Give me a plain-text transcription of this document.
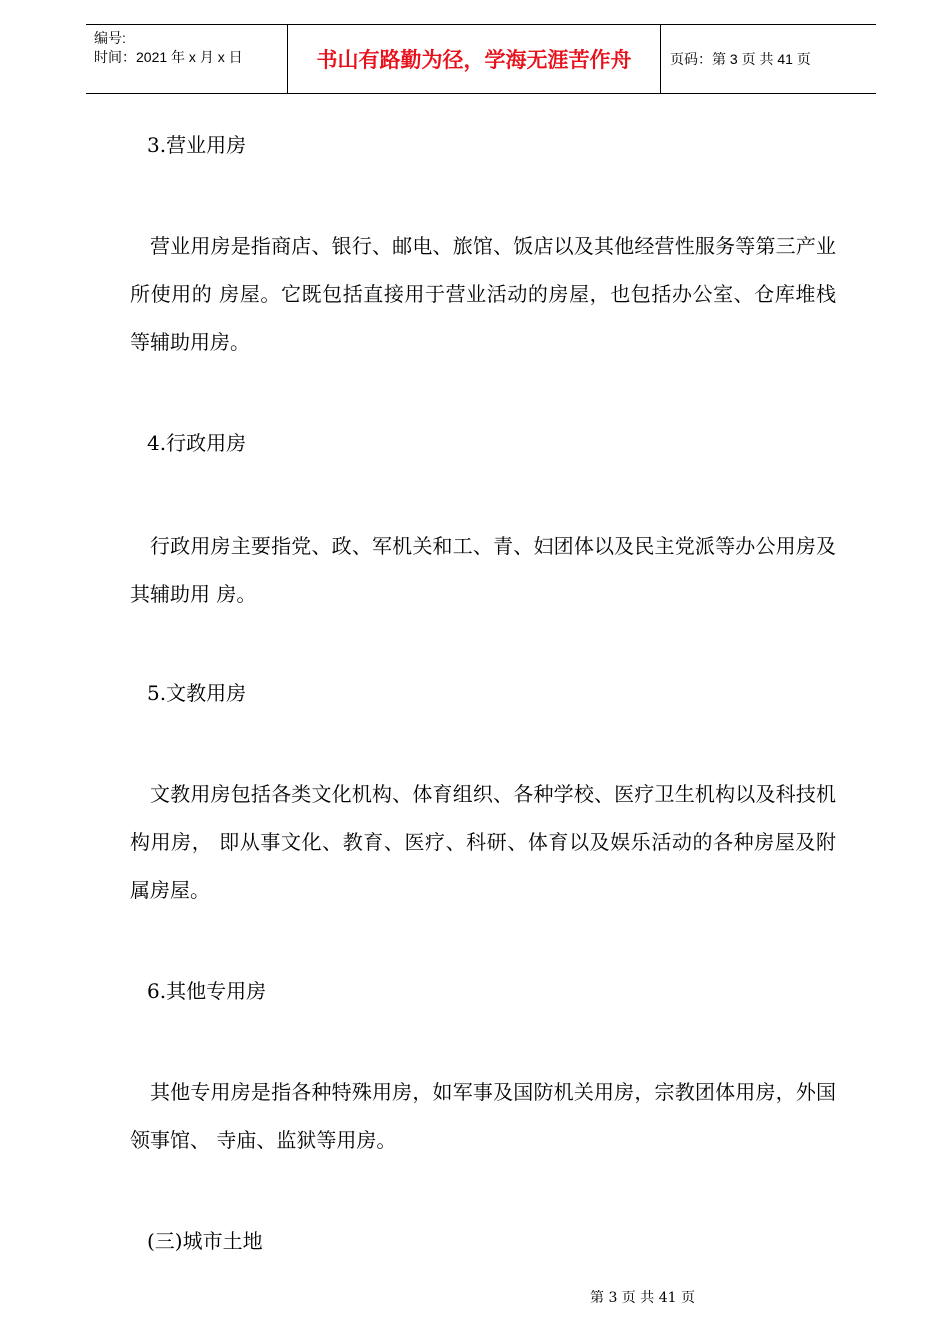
编号:
时间：2021 年 x 月 x 日	书山有路勤为径，学海无涯苦作舟	页码：第 3 页 共 41 页
3.营业用房
营业用房是指商店、银行、邮电、旅馆、饭店以及其他经营性服务等第三产业所使用的 房屋。它既包括直接用于营业活动的房屋，也包括办公室、仓库堆栈等辅助用房。
4.行政用房
行政用房主要指党、政、军机关和工、青、妇团体以及民主党派等办公用房及其辅助用 房。
5.文教用房
文教用房包括各类文化机构、体育组织、各种学校、医疗卫生机构以及科技机构用房， 即从事文化、教育、医疗、科研、体育以及娱乐活动的各种房屋及附属房屋。
6.其他专用房
其他专用房是指各种特殊用房，如军事及国防机关用房，宗教团体用房，外国领事馆、 寺庙、监狱等用房。
(三)城市土地
第 3 页 共 41 页
